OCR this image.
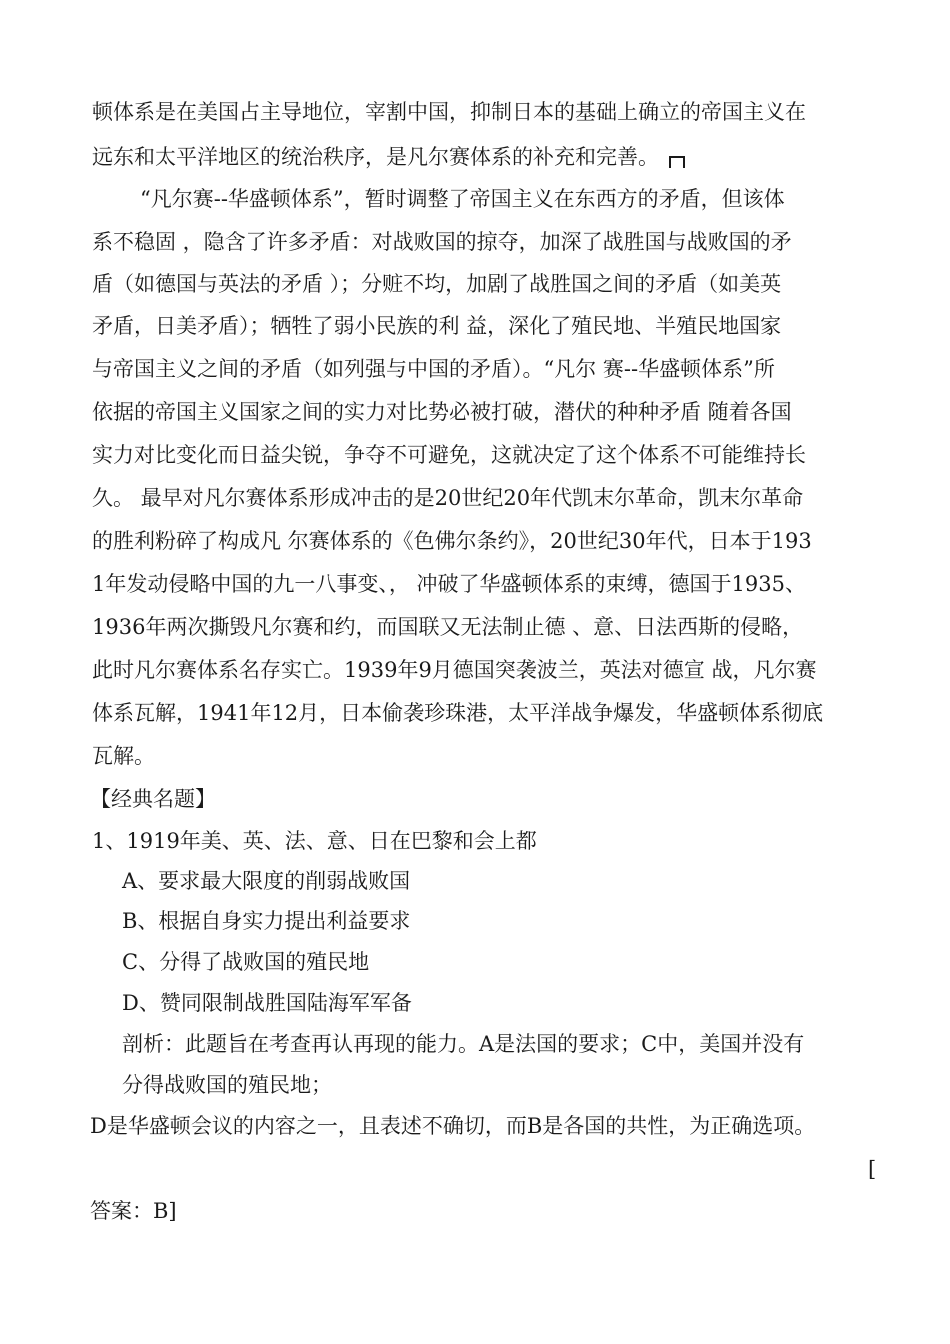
顿体系是在美国占主导地位，宰割中国，抑制日本的基础上确立的帝国主义在
远东和太平洋地区的统治秩序，是凡尔赛体系的补充和完善。
“凡尔赛--华盛顿体系”，暂时调整了帝国主义在东西方的矛盾，但该体
系不稳固 ，隐含了许多矛盾：对战败国的掠夺，加深了战胜国与战败国的矛
盾（如德国与英法的矛盾 ）；分赃不均，加剧了战胜国之间的矛盾（如美英
矛盾，日美矛盾）；牺牲了弱小民族的利 益，深化了殖民地、半殖民地国家
与帝国主义之间的矛盾（如列强与中国的矛盾）。“凡尔 赛--华盛顿体系”所
依据的帝国主义国家之间的实力对比势必被打破，潜伏的种种矛盾 随着各国
实力对比变化而日益尖锐，争夺不可避免，这就决定了这个体系不可能维持长
久。 最早对凡尔赛体系形成冲击的是20世纪20年代凯末尔革命，凯末尔革命
的胜利粉碎了构成凡 尔赛体系的《色佛尔条约》，20世纪30年代，日本于193
1年发动侵略中国的九一八事变、， 冲破了华盛顿体系的束缚，德国于1935、
1936年两次撕毁凡尔赛和约，而国联又无法制止德 、意、日法西斯的侵略，
此时凡尔赛体系名存实亡。1939年9月德国突袭波兰，英法对德宣 战，凡尔赛
体系瓦解，1941年12月，日本偷袭珍珠港，太平洋战争爆发，华盛顿体系彻底
瓦解。
【经典名题】
1、1919年美、英、法、意、日在巴黎和会上都
A、要求最大限度的削弱战败国
B、根据自身实力提出利益要求
C、分得了战败国的殖民地
D、赞同限制战胜国陆海军军备
剖析：此题旨在考查再认再现的能力。A是法国的要求；C中，美国并没有
分得战败国的殖民地；
D是华盛顿会议的内容之一，且表述不确切，而B是各国的共性，为正确选项。
[
答案：B]
